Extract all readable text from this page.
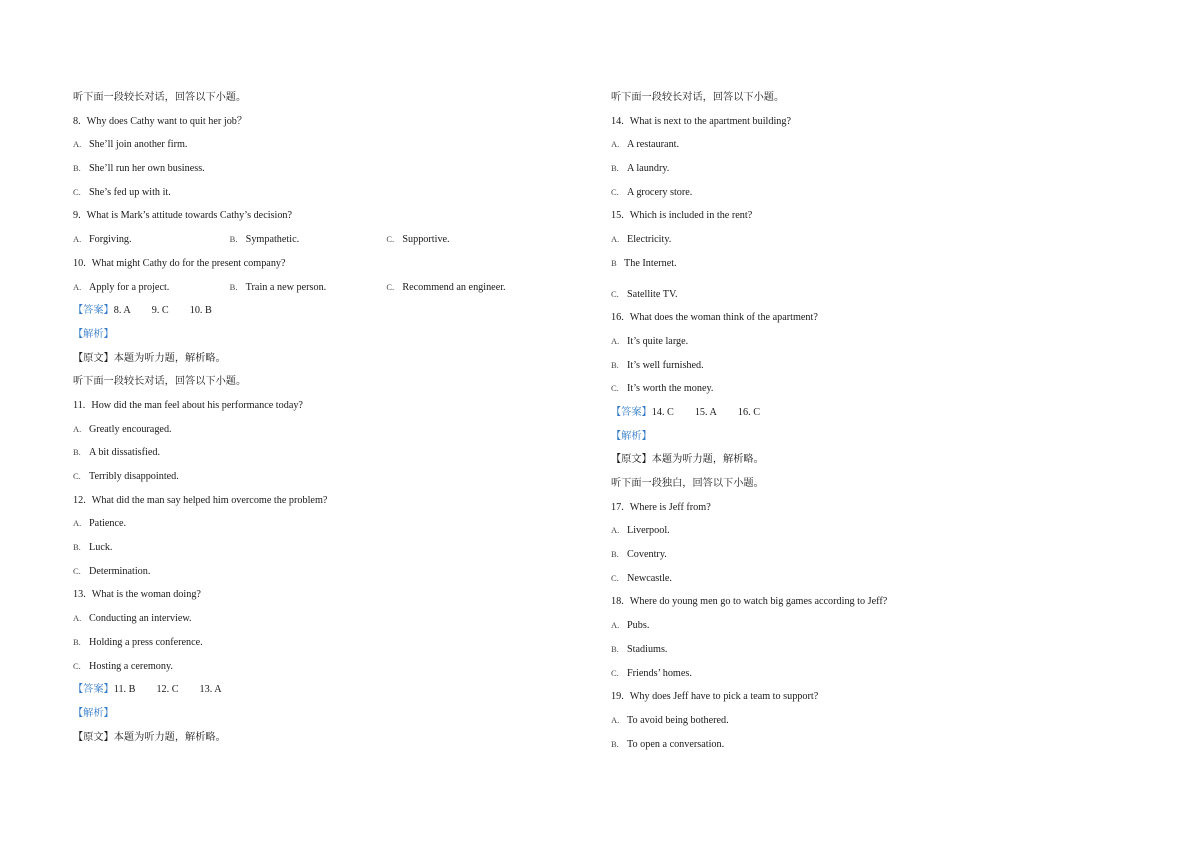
听下面一段较长对话，回答以下小题。
8. Why does Cathy want to quit her job？
A. She’ll join another firm.
B. She’ll run her own business.
C. She’s fed up with it.
9. What is Mark’s attitude towards Cathy’s decision?
A. Forgiving.	B. Sympathetic.	C. Supportive.
10. What might Cathy do for the present company?
A. Apply for a project.	B. Train a new person.	C. Recommend an engineer.
【答案】8. A 9. C 10. B
【解析】
【原文】本题为听力题，解析略。
听下面一段较长对话，回答以下小题。
11. How did the man feel about his performance today?
A. Greatly encouraged.
B. A bit dissatisfied.
C. Terribly disappointed.
12. What did the man say helped him overcome the problem?
A. Patience.
B. Luck.
C. Determination.
13. What is the woman doing?
A. Conducting an interview.
B. Holding a press conference.
C. Hosting a ceremony.
【答案】11. B 12. C 13. A
【解析】
【原文】本题为听力题，解析略。
听下面一段较长对话，回答以下小题。
14. What is next to the apartment building?
A. A restaurant.
B. A laundry.
C. A grocery store.
15. Which is included in the rent?
A. Electricity.
B The Internet.
C. Satellite TV.
16. What does the woman think of the apartment?
A. It’s quite large.
B. It’s well furnished.
C. It’s worth the money.
【答案】14. C 15. A 16. C
【解析】
【原文】本题为听力题，解析略。
听下面一段独白，回答以下小题。
17. Where is Jeff from?
A. Liverpool.
B. Coventry.
C. Newcastle.
18. Where do young men go to watch big games according to Jeff?
A. Pubs.
B. Stadiums.
C. Friends’ homes.
19. Why does Jeff have to pick a team to support?
A. To avoid being bothered.
B. To open a conversation.
